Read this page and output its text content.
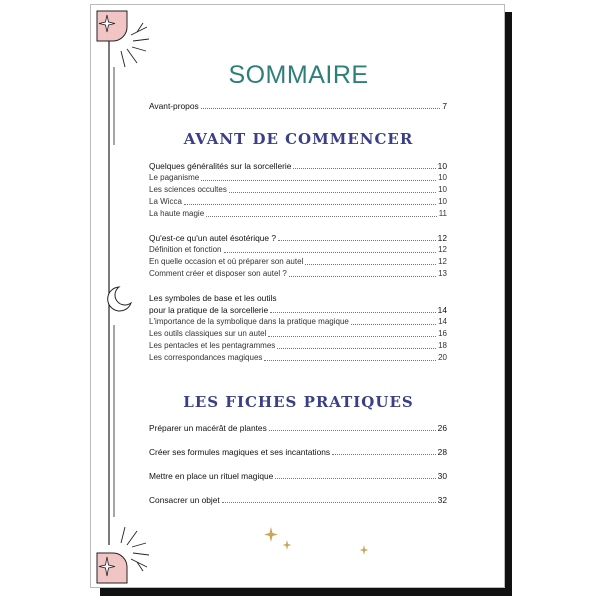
SOMMAIRE
Avant-propos	7
AVANT DE COMMENCER
Quelques généralités sur la sorcellerie	10
Le paganisme	10
Les sciences occultes	10
La Wicca	10
La haute magie	11
Qu'est-ce qu'un autel ésotérique ?	12
Définition et fonction	12
En quelle occasion et où préparer son autel	12
Comment créer et disposer son autel ?	13
Les symboles de base et les outils
pour la pratique de la sorcellerie	14
L'importance de la symbolique dans la pratique magique	14
Les outils classiques sur un autel	16
Les pentacles et les pentagrammes	18
Les correspondances magiques	20
LES FICHES PRATIQUES
Préparer un macérât de plantes	26
Créer ses formules magiques et ses incantations	28
Mettre en place un rituel magique	30
Consacrer un objet	32
